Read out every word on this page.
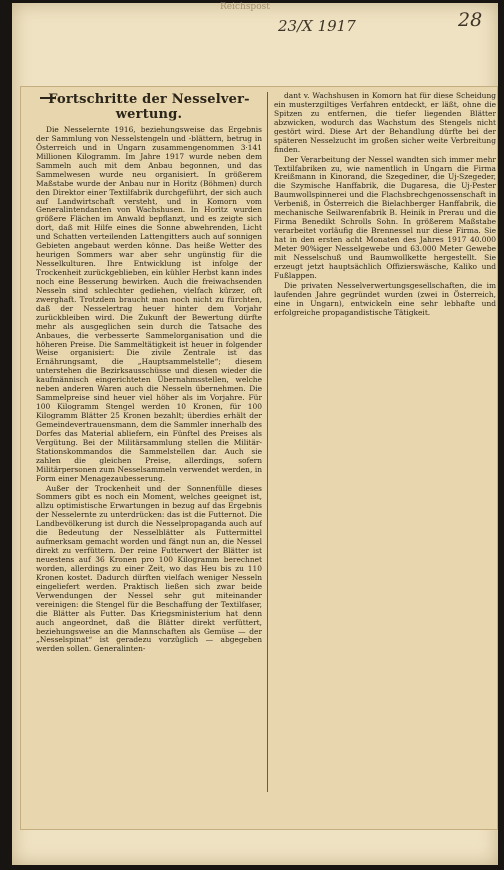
Reichspost
23/X 1917	28

Fortschritte der Nesselver-wertung.

Die Nesselernte 1916, beziehungsweise das Ergebnis der Sammlung von Nesselstengeln und -blättern, betrug in Österreich und in Ungarn zusammengenommen 3·141 Millionen Kilogramm. Im Jahre 1917 wurde neben dem Sammeln auch mit dem Anbau begonnen, und das Sammelwesen wurde neu organisiert. In größerem Maßstabe wurde der Anbau nur in Horitz (Böhmen) durch den Direktor einer Textilfabrik durchgeführt, der sich auch auf Landwirtschaft versteht, und in Komorn vom Generalintendanten von Wachshusen. In Horitz wurden größere Flächen im Anwald bepflanzt, und es zeigte sich dort, daß mit Hilfe eines die Sonne abwehrenden, Licht und Schatten verteilenden Lattengitters auch auf sonnigen Gebieten angebaut werden könne. Das heiße Wetter des heurigen Sommers war aber sehr ungünstig für die Nesselkulturen. Ihre Entwicklung ist infolge der Trockenheit zurückgeblieben, ein kühler Herbst kann indes noch eine Besserung bewirken. Auch die freiwachsenden Nesseln sind schlechter gediehen, vielfach kürzer, oft zwerghaft. Trotzdem braucht man noch nicht zu fürchten, daß der Nesselertrag heuer hinter dem Vorjahr zurückbleiben wird. Die Zukunft der Bewertung dürfte mehr als ausgeglichen sein durch die Tatsache des Anbaues, die verbesserte Sammelorganisation und die höheren Preise. Die Sammeltätigkeit ist heuer in folgender Weise organisiert: Die zivile Zentrale ist das Ernährungsamt, die „Hauptsammelstelle“; diesem unterstehen die Bezirksausschüsse und diesen wieder die kaufmännisch eingerichteten Übernahmsstellen, welche neben anderen Waren auch die Nesseln übernehmen. Die Sammelpreise sind heuer viel höher als im Vorjahre. Für 100 Kilogramm Stengel werden 10 Kronen, für 100 Kilogramm Blätter 25 Kronen bezahlt; überdies erhält der Gemeindevertrauensmann, dem die Sammler innerhalb des Dorfes das Material abliefern, ein Fünftel des Preises als Vergütung. Bei der Militärsammlung stellen die Militär-Stationskommandos die Sammelstellen dar. Auch sie zahlen die gleichen Preise, allerdings, sofern Militärpersonen zum Nesselsammeln verwendet werden, in Form einer Menagezaubesserung.

Außer der Trockenheit und der Sonnenfülle dieses Sommers gibt es noch ein Moment, welches geeignet ist, allzu optimistische Erwartungen in bezug auf das Ergebnis der Nesselernte zu unterdrücken: das ist die Futternot. Die Landbevölkerung ist durch die Nesselpropaganda auch auf die Bedeutung der Nesselblätter als Futtermittel aufmerksam gemacht worden und fängt nun an, die Nessel direkt zu verfüttern. Der reine Futterwert der Blätter ist neuestens auf 36 Kronen pro 100 Kilogramm berechnet worden, allerdings zu einer Zeit, wo das Heu bis zu 110 Kronen kostet. Dadurch dürften vielfach weniger Nesseln eingeliefert werden. Praktisch ließen sich zwar beide Verwendungen der Nessel sehr gut miteinander vereinigen: die Stengel für die Beschaffung der Textilfaser, die Blätter als Futter. Das Kriegsministerium hat denn auch angeordnet, daß die Blätter direkt verfüttert, beziehungsweise an die Mannschaften als Gemüse — der „Nesselspinat“ ist geradezu vorzüglich — abgegeben werden sollen. Generalinten-

dant v. Wachshusen in Komorn hat für diese Scheidung ein musterzgiltiges Verfahren entdeckt, er läßt, ohne die Spitzen zu entfernen, die tiefer liegenden Blätter abzwicken, wodurch das Wachstum des Stengels nicht gestört wird. Diese Art der Behandlung dürfte bei der späteren Nesselzucht im großen sicher weite Verbreitung finden.

Der Verarbeitung der Nessel wandten sich immer mehr Textilfabriken zu, wie namentlich in Ungarn die Firma Kreißmann in Kinorand, die Szegediner, die Uj-Szegeder, die Szymische Hanffabrik, die Dugaresa, die Uj-Pester Baumwollspinnerei und die Flachsbrechgenossenschaft in Verbeniß, in Österreich die Bielachberger Hanffabrik, die mechanische Seilwarenfabrik B. Heinik in Prerau und die Firma Benedikt Schrolls Sohn. In größerem Maßstabe verarbeitet vorläufig die Brennessel nur diese Firma. Sie hat in den ersten acht Monaten des Jahres 1917 40.000 Meter 90%iger Nesselgewebe und 63.000 Meter Gewebe mit Nesselschuß und Baumwollkette hergestellt. Sie erzeugt jetzt hauptsächlich Offizierswäsche, Kaliko und Fußlappen.

Die privaten Nesselverwertungsgesellschaften, die im laufenden Jahre gegründet wurden (zwei in Österreich, eine in Ungarn), entwickeln eine sehr lebhafte und erfolgreiche propagandistische Tätigkeit.
